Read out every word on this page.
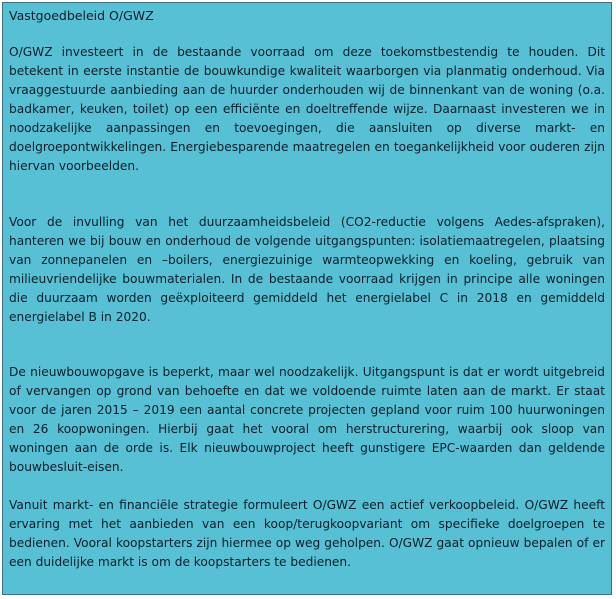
Vastgoedbeleid O/GWZ

O/GWZ investeert in de bestaande voorraad om deze toekomstbestendig te houden. Dit betekent in eerste instantie de bouwkundige kwaliteit waarborgen via planmatig onderhoud. Via vraaggestuurde aanbieding aan de huurder onderhouden wij de binnenkant van de woning (o.a. badkamer, keuken, toilet) op een efficiënte en doeltreffende wijze. Daarnaast investeren we in noodzakelijke aanpassingen en toevoegingen, die aansluiten op diverse markt- en doelgroepontwikkelingen. Energiebesparende maatregelen en toegankelijkheid voor ouderen zijn hiervan voorbeelden.

Voor de invulling van het duurzaamheidsbeleid (CO2-reductie volgens Aedes-afspraken), hanteren we bij bouw en onderhoud de volgende uitgangspunten: isolatiemaatregelen, plaatsing van zonnepanelen en –boilers, energiezuinige warmteopwekking en koeling, gebruik van milieuvriendelijke bouwmaterialen. In de bestaande voorraad krijgen in principe alle woningen die duurzaam worden geëxploiteerd gemiddeld het energielabel C in 2018 en gemiddeld energielabel B in 2020.

De nieuwbouwopgave is beperkt, maar wel noodzakelijk. Uitgangspunt is dat er wordt uitgebreid of vervangen op grond van behoefte en dat we voldoende ruimte laten aan de markt. Er staat voor de jaren 2015 – 2019 een aantal concrete projecten gepland voor ruim 100 huurwoningen en 26 koopwoningen. Hierbij gaat het vooral om herstructurering, waarbij ook sloop van woningen aan de orde is. Elk nieuwbouwproject heeft gunstigere EPC-waarden dan geldende bouwbesluit-eisen.

Vanuit markt- en financiële strategie formuleert O/GWZ een actief verkoopbeleid. O/GWZ heeft ervaring met het aanbieden van een koop/terugkoopvariant om specifieke doelgroepen te bedienen. Vooral koopstarters zijn hiermee op weg geholpen. O/GWZ gaat opnieuw bepalen of er een duidelijke markt is om de koopstarters te bedienen.
